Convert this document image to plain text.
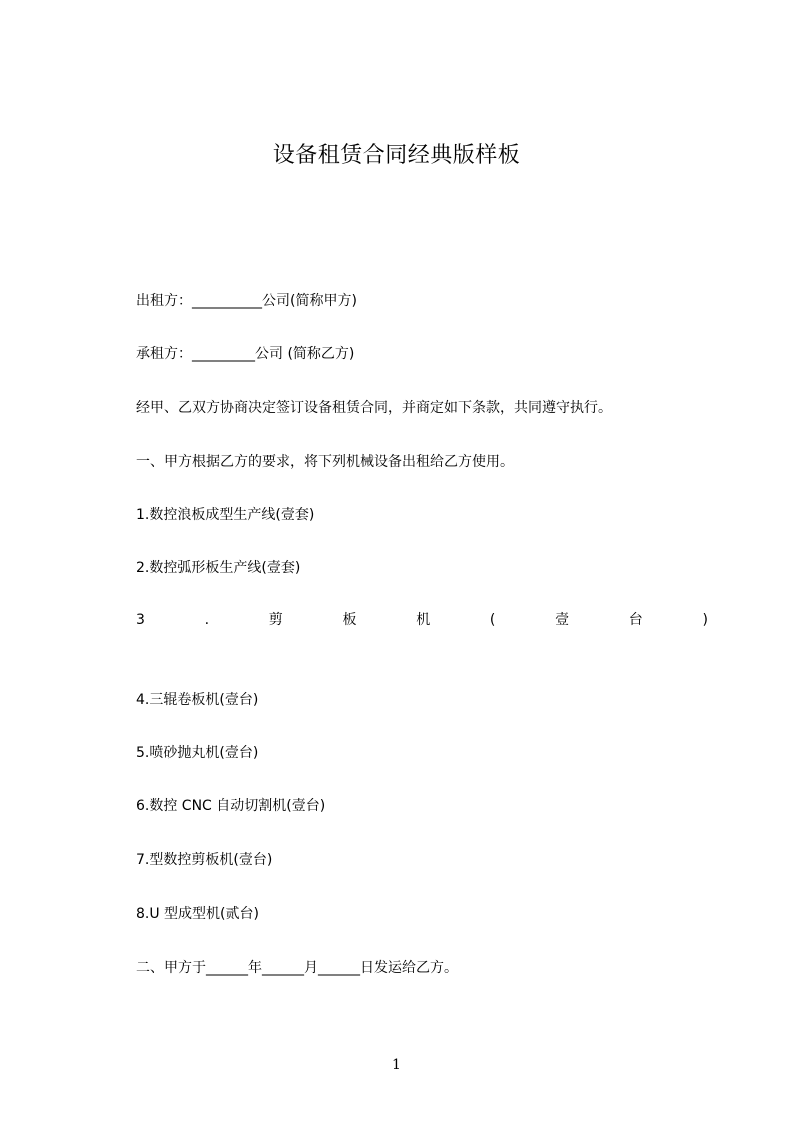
设备租赁合同经典版样板
出租方：__________公司(简称甲方)
承租方：_________公司 (简称乙方)
经甲、乙双方协商决定签订设备租赁合同，并商定如下条款，共同遵守执行。
一、甲方根据乙方的要求，将下列机械设备出租给乙方使用。
1.数控浪板成型生产线(壹套)
2.数控弧形板生产线(壹套)
3	.	剪	板	机	(	壹	台	)
4.三辊卷板机(壹台)
5.喷砂抛丸机(壹台)
6.数控 CNC 自动切割机(壹台)
7.型数控剪板机(壹台)
8.U 型成型机(贰台)
二、甲方于______年______月______日发运给乙方。
1
